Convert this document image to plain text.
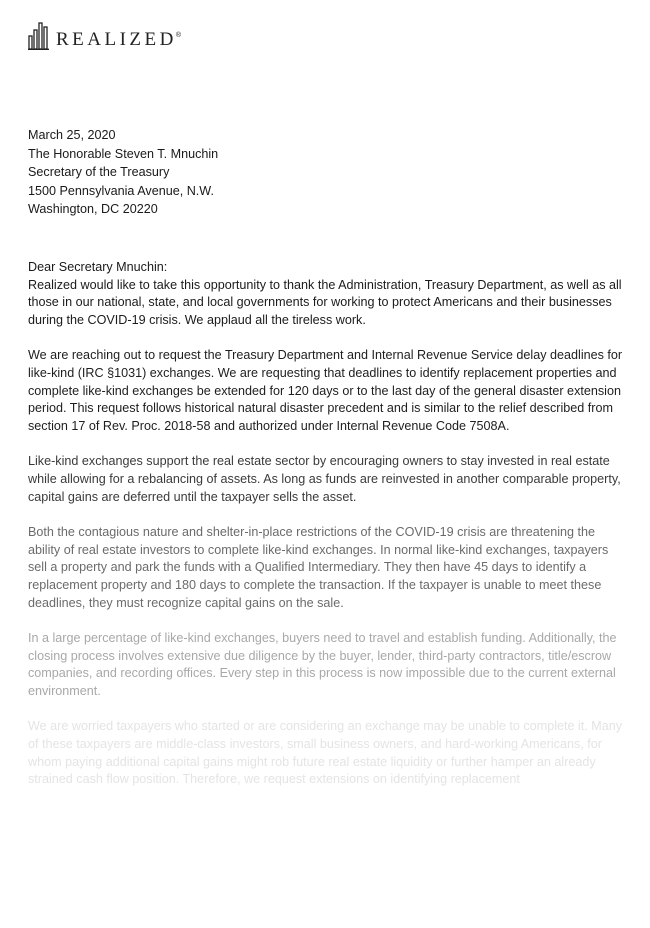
REALIZED ®
March 25, 2020
The Honorable Steven T. Mnuchin
Secretary of the Treasury
1500 Pennsylvania Avenue, N.W.
Washington, DC 20220

Dear Secretary Mnuchin:

Realized would like to take this opportunity to thank the Administration, Treasury Department, as well as all those in our national, state, and local governments for working to protect Americans and their businesses during the COVID-19 crisis. We applaud all the tireless work.

We are reaching out to request the Treasury Department and Internal Revenue Service delay deadlines for like-kind (IRC §1031) exchanges. We are requesting that deadlines to identify replacement properties and complete like-kind exchanges be extended for 120 days or to the last day of the general disaster extension period. This request follows historical natural disaster precedent and is similar to the relief described from section 17 of Rev. Proc. 2018-58 and authorized under Internal Revenue Code 7508A.

Like-kind exchanges support the real estate sector by encouraging owners to stay invested in real estate while allowing for a rebalancing of assets. As long as funds are reinvested in another comparable property, capital gains are deferred until the taxpayer sells the asset.

Both the contagious nature and shelter-in-place restrictions of the COVID-19 crisis are threatening the ability of real estate investors to complete like-kind exchanges. In normal like-kind exchanges, taxpayers sell a property and park the funds with a Qualified Intermediary. They then have 45 days to identify a replacement property and 180 days to complete the transaction. If the taxpayer is unable to meet these deadlines, they must recognize capital gains on the sale.

In a large percentage of like-kind exchanges, buyers need to travel and establish funding. Additionally, the closing process involves extensive due diligence by the buyer, lender, third-party contractors, title/escrow companies, and recording offices. Every step in this process is now impossible due to the current external environment.

We are worried taxpayers who started or are considering an exchange may be unable to complete it. Many of these taxpayers are middle-class investors, small business owners, and hard-working Americans, for whom paying additional capital gains might rob future real estate liquidity or further hamper an already strained cash flow position. Therefore, we request extensions on identifying replacement
